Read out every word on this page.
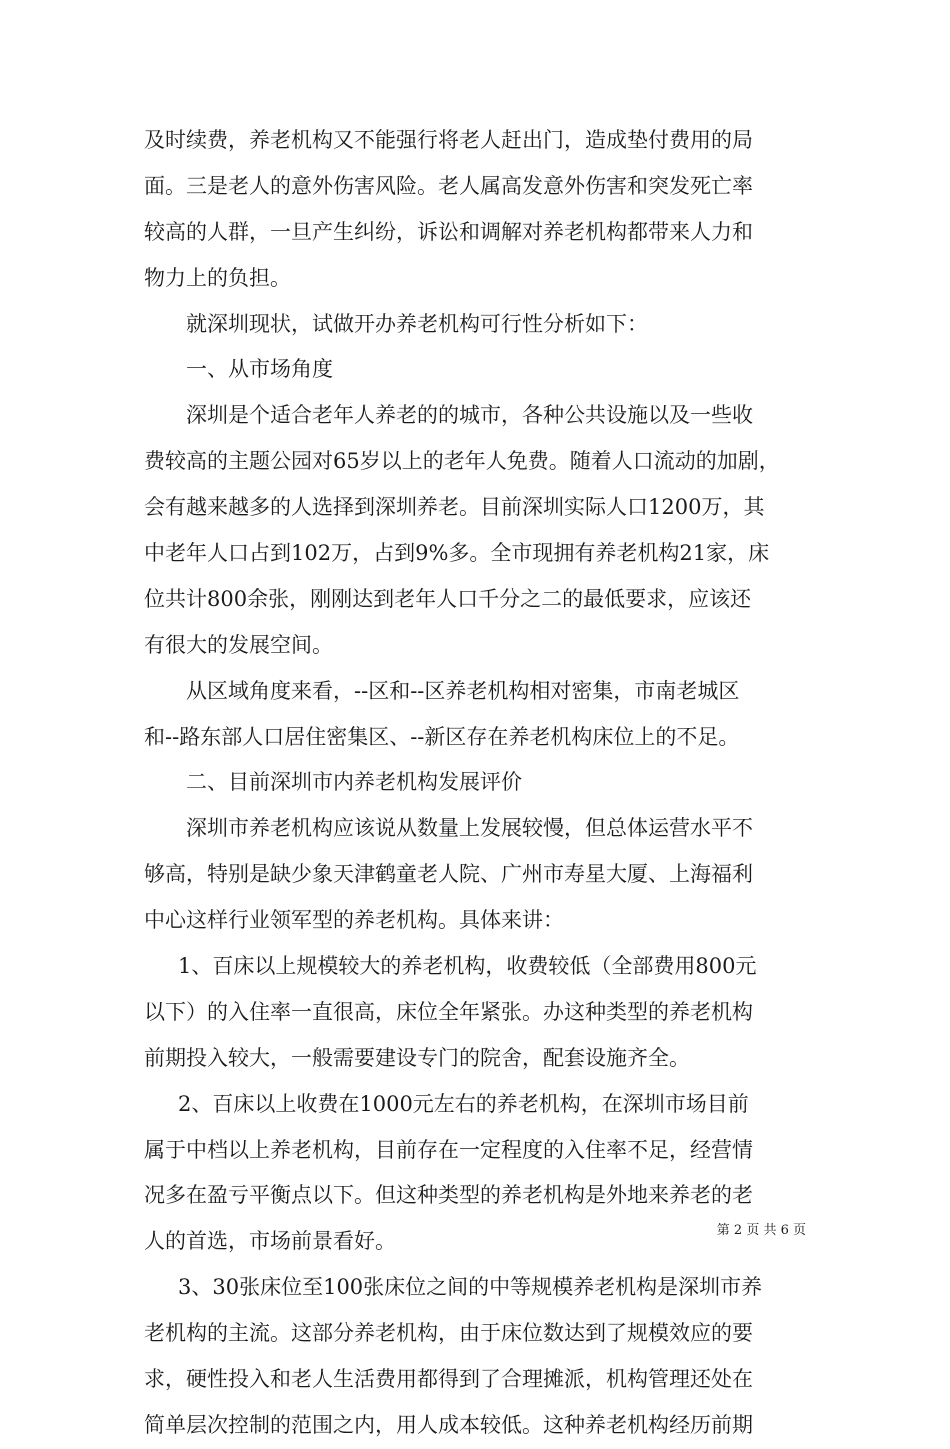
及时续费，养老机构又不能强行将老人赶出门，造成垫付费用的局
面。三是老人的意外伤害风险。老人属高发意外伤害和突发死亡率
较高的人群，一旦产生纠纷，诉讼和调解对养老机构都带来人力和
物力上的负担。
就深圳现状，试做开办养老机构可行性分析如下：
一、从市场角度
深圳是个适合老年人养老的的城市，各种公共设施以及一些收
费较高的主题公园对65岁以上的老年人免费。随着人口流动的加剧，
会有越来越多的人选择到深圳养老。目前深圳实际人口1200万，其
中老年人口占到102万，占到9%多。全市现拥有养老机构21家，床
位共计800余张，刚刚达到老年人口千分之二的最低要求，应该还
有很大的发展空间。
从区域角度来看，--区和--区养老机构相对密集，市南老城区
和--路东部人口居住密集区、--新区存在养老机构床位上的不足。
二、目前深圳市内养老机构发展评价
深圳市养老机构应该说从数量上发展较慢，但总体运营水平不
够高，特别是缺少象天津鹤童老人院、广州市寿星大厦、上海福利
中心这样行业领军型的养老机构。具体来讲：
1、百床以上规模较大的养老机构，收费较低（全部费用800元
以下）的入住率一直很高，床位全年紧张。办这种类型的养老机构
前期投入较大，一般需要建设专门的院舍，配套设施齐全。
2、百床以上收费在1000元左右的养老机构，在深圳市场目前
属于中档以上养老机构，目前存在一定程度的入住率不足，经营情
况多在盈亏平衡点以下。但这种类型的养老机构是外地来养老的老
人的首选，市场前景看好。
3、30张床位至100张床位之间的中等规模养老机构是深圳市养
老机构的主流。这部分养老机构，由于床位数达到了规模效应的要
求，硬性投入和老人生活费用都得到了合理摊派，机构管理还处在
简单层次控制的范围之内，用人成本较低。这种养老机构经历前期
第 2 页 共 6 页
